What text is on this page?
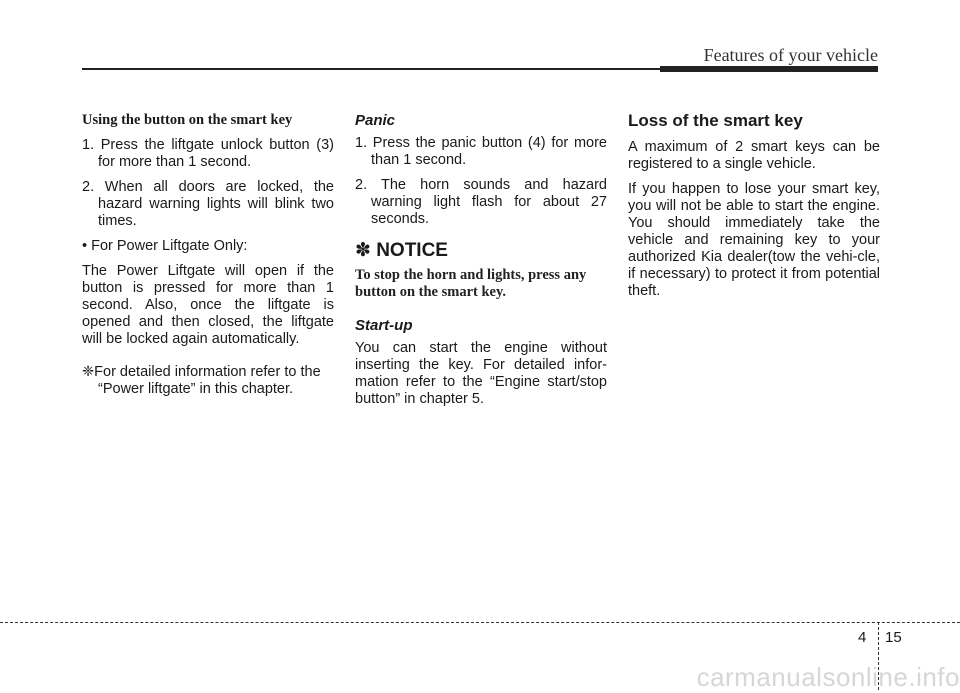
Features of your vehicle
Using the button on the smart key
1. Press the liftgate unlock button (3) for more than 1 second.
2. When all doors are locked, the hazard warning lights will blink two times.
• For Power Liftgate Only:

The Power Liftgate will open if the button is pressed for more than 1 second. Also, once the liftgate is opened and then closed, the liftgate will be locked again automatically.

❈For detailed information refer to the “Power liftgate” in this chapter.
Panic
1. Press the panic button (4) for more than 1 second.
2. The horn sounds and hazard warning light flash for about 27 seconds.
✽ NOTICE
To stop the horn and lights, press any button on the smart key.
Start-up

You can start the engine without inserting the key. For detailed infor-mation refer to the “Engine start/stop button” in chapter 5.

Loss of the smart key

A maximum of 2 smart keys can be registered to a single vehicle.

If you happen to lose your smart key, you will not be able to start the engine. You should immediately take the vehicle and remaining key to your authorized Kia dealer(tow the vehi-cle, if necessary) to protect it from potential theft.

4 15
carmanualsonline.info
